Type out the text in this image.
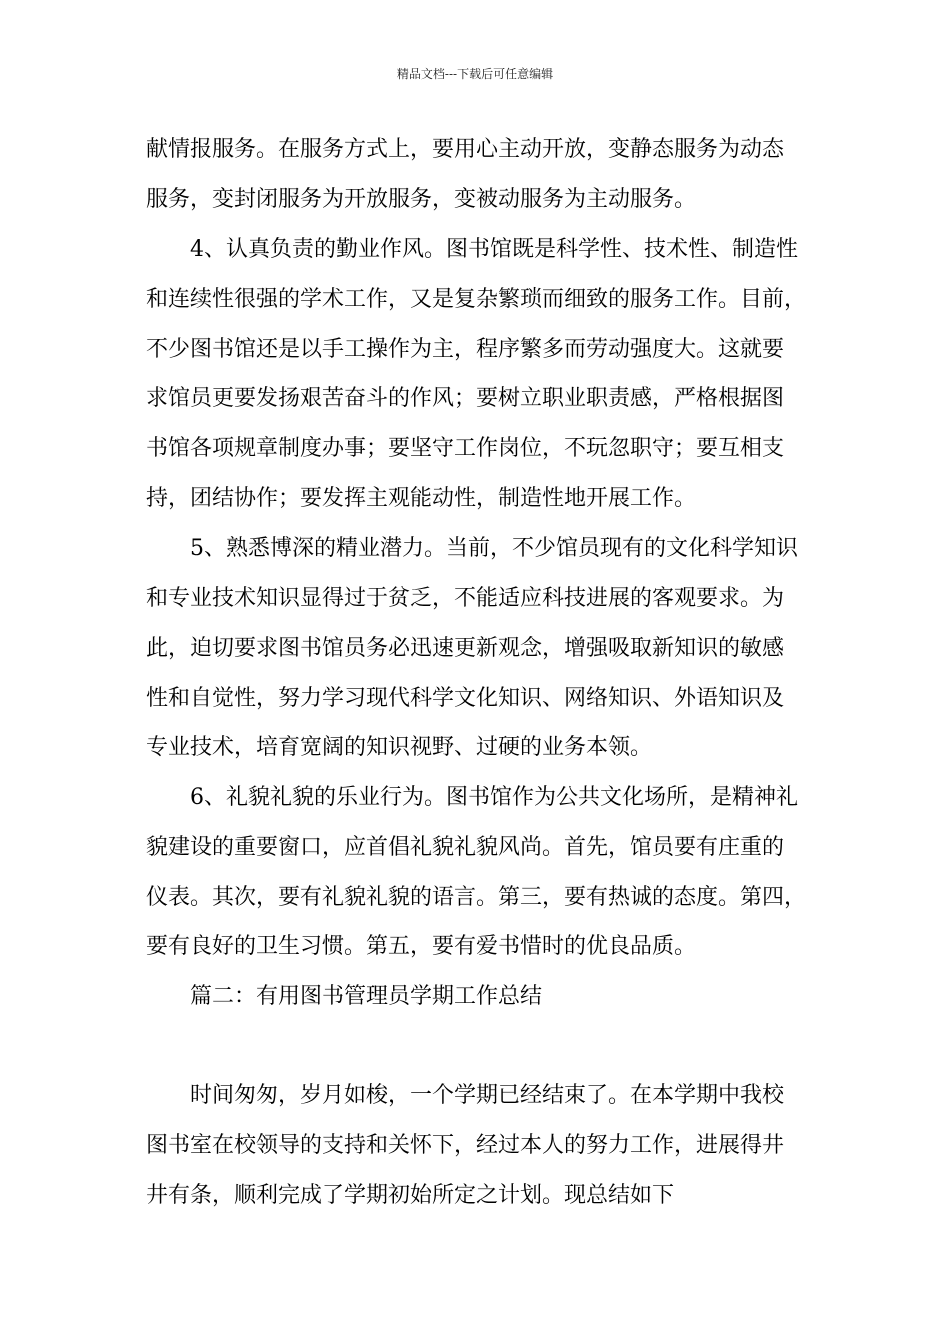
精品文档---下载后可任意编辑
献情报服务。在服务方式上，要用心主动开放，变静态服务为动态
服务，变封闭服务为开放服务，变被动服务为主动服务。
　　4、认真负责的勤业作风。图书馆既是科学性、技术性、制造性
和连续性很强的学术工作，又是复杂繁琐而细致的服务工作。目前，
不少图书馆还是以手工操作为主，程序繁多而劳动强度大。这就要
求馆员更要发扬艰苦奋斗的作风；要树立职业职责感，严格根据图
书馆各项规章制度办事；要坚守工作岗位，不玩忽职守；要互相支
持，团结协作；要发挥主观能动性，制造性地开展工作。
　　5、熟悉博深的精业潜力。当前，不少馆员现有的文化科学知识
和专业技术知识显得过于贫乏，不能适应科技进展的客观要求。为
此，迫切要求图书馆员务必迅速更新观念，增强吸取新知识的敏感
性和自觉性，努力学习现代科学文化知识、网络知识、外语知识及
专业技术，培育宽阔的知识视野、过硬的业务本领。
　　6、礼貌礼貌的乐业行为。图书馆作为公共文化场所，是精神礼
貌建设的重要窗口，应首倡礼貌礼貌风尚。首先，馆员要有庄重的
仪表。其次，要有礼貌礼貌的语言。第三，要有热诚的态度。第四，
要有良好的卫生习惯。第五，要有爱书惜时的优良品质。
　　篇二：有用图书管理员学期工作总结
　　时间匆匆，岁月如梭，一个学期已经结束了。在本学期中我校
图书室在校领导的支持和关怀下，经过本人的努力工作，进展得井
井有条，顺利完成了学期初始所定之计划。现总结如下
